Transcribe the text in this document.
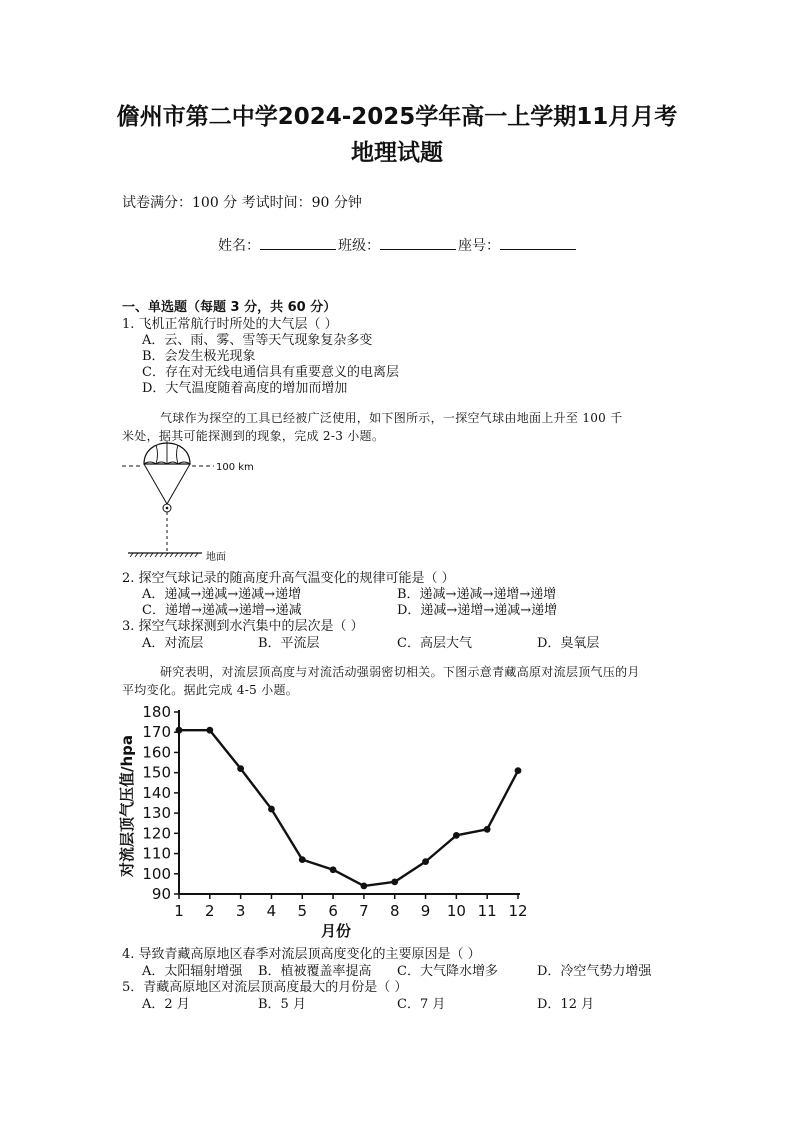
儋州市第二中学2024-2025学年高一上学期11月月考
地理试题
试卷满分：100 分 考试时间：90 分钟
姓名：	班级：	座号：
一、单选题（每题 3 分，共 60 分）
1. 飞机正常航行时所处的大气层（ ）
A．云、雨、雾、雪等天气现象复杂多变
B．会发生极光现象
C．存在对无线电通信具有重要意义的电离层
D．大气温度随着高度的增加而增加
气球作为探空的工具已经被广泛使用，如下图所示，一探空气球由地面上升至 100 千
米处，据其可能探测到的现象，完成 2-3 小题。
100 km
地面
2. 探空气球记录的随高度升高气温变化的规律可能是（ ）
A．递减→递减→递减→递增	B．递减→递减→递增→递增
C．递增→递减→递增→递减	D．递减→递增→递减→递增
3. 探空气球探测到水汽集中的层次是（ ）
A．对流层	B．平流层	C．高层大气	D．臭氧层
研究表明，对流层顶高度与对流活动强弱密切相关。下图示意青藏高原对流层顶气压的月
平均变化。据此完成 4-5 小题。
90
100
110
120
130
140
150
160
170
180
1 2 3 4 5 6 7 8 9 10 11 12
月份
对流层顶气压值/hpa
4. 导致青藏高原地区春季对流层顶高度变化的主要原因是（ ）
A．太阳辐射增强 B．植被覆盖率提高 C．大气降水增多	D．冷空气势力增强
5．青藏高原地区对流层顶高度最大的月份是（ ）
A．2 月	B．5 月	C．7 月	D．12 月
